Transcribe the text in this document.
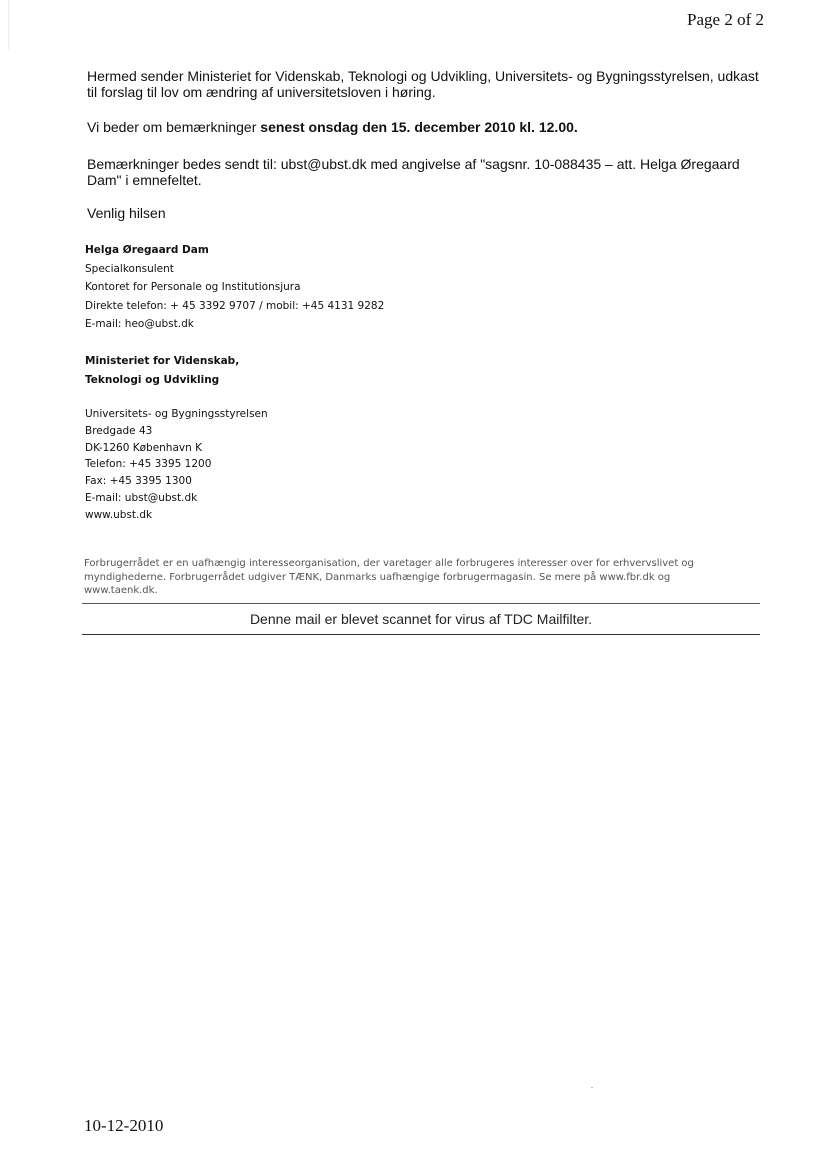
Page 2 of 2
Hermed sender Ministeriet for Videnskab, Teknologi og Udvikling, Universitets- og Bygningsstyrelsen, udkast
til forslag til lov om ændring af universitetsloven i høring.
Vi beder om bemærkninger senest onsdag den 15. december 2010 kl. 12.00.
Bemærkninger bedes sendt til: ubst@ubst.dk med angivelse af "sagsnr. 10-088435 – att. Helga Øregaard
Dam" i emnefeltet.
Venlig hilsen
Helga Øregaard Dam
Specialkonsulent
Kontoret for Personale og Institutionsjura
Direkte telefon: + 45 3392 9707 / mobil: +45 4131 9282
E-mail: heo@ubst.dk
Ministeriet for Videnskab,
Teknologi og Udvikling
Universitets- og Bygningsstyrelsen
Bredgade 43
DK-1260 København K
Telefon: +45 3395 1200
Fax: +45 3395 1300
E-mail: ubst@ubst.dk
www.ubst.dk
Forbrugerrådet er en uafhængig interesseorganisation, der varetager alle forbrugeres interesser over for erhvervslivet og
myndighederne. Forbrugerrådet udgiver TÆNK, Danmarks uafhængige forbrugermagasin. Se mere på www.fbr.dk og
www.taenk.dk.
Denne mail er blevet scannet for virus af TDC Mailfilter.
10-12-2010
